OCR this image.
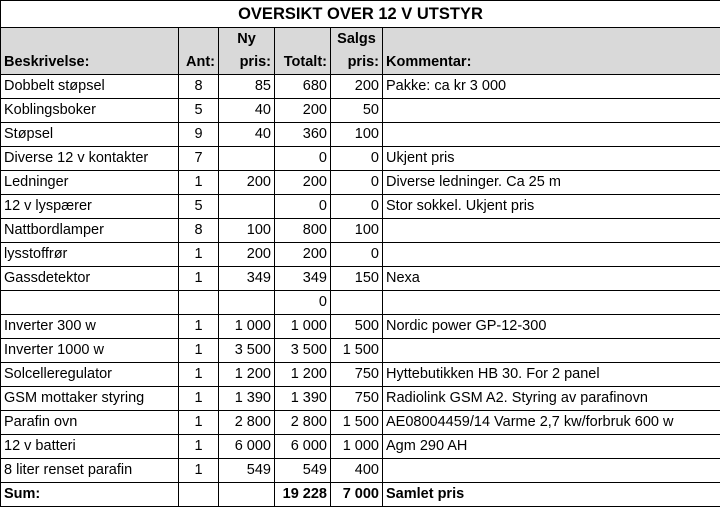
OVERSIKT OVER 12 V UTSTYR					
		Ny		Salgs	
Beskrivelse:	Ant:	pris:	Totalt:	pris:	Kommentar:
Dobbelt støpsel	8	85	680	200	Pakke: ca kr 3 000
Koblingsboker	5	40	200	50	
Støpsel	9	40	360	100	
Diverse 12 v kontakter	7		0	0	Ukjent pris
Ledninger	1	200	200	0	Diverse ledninger. Ca 25 m
12 v lyspærer	5		0	0	Stor sokkel. Ukjent pris
Nattbordlamper	8	100	800	100	
lysstoffrør	1	200	200	0	
Gassdetektor	1	349	349	150	Nexa
			0		
Inverter 300 w	1	1 000	1 000	500	Nordic power GP-12-300
Inverter 1000 w	1	3 500	3 500	1 500	
Solcelleregulator	1	1 200	1 200	750	Hyttebutikken HB 30. For 2 panel
GSM mottaker styring	1	1 390	1 390	750	Radiolink GSM A2. Styring av parafinovn
Parafin ovn	1	2 800	2 800	1 500	AE08004459/14 Varme 2,7 kw/forbruk 600 w
12 v batteri	1	6 000	6 000	1 000	Agm 290 AH
8 liter renset parafin	1	549	549	400	
Sum:			19 228	7 000	Samlet pris
